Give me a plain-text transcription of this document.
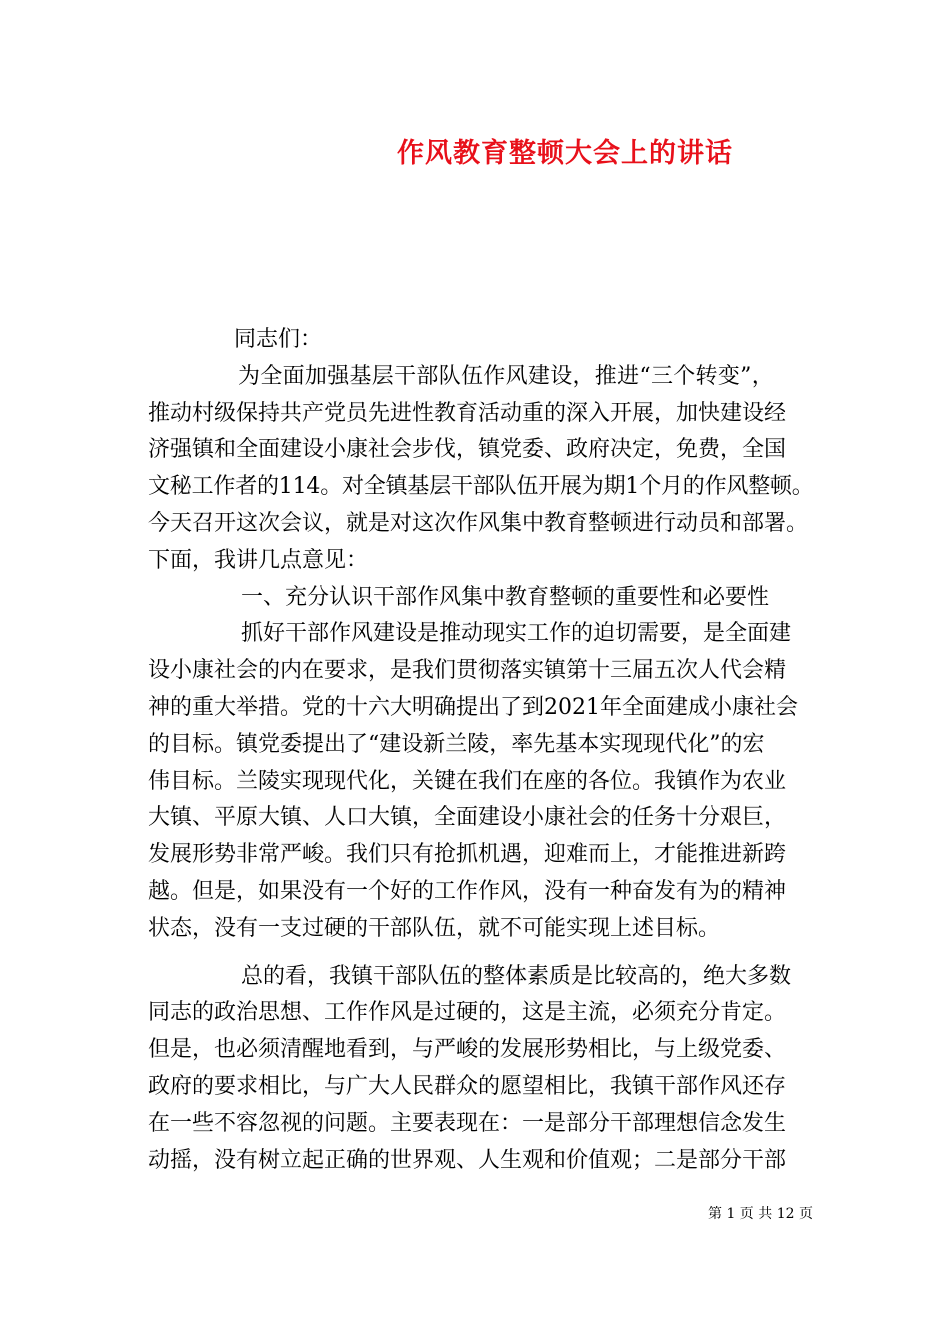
作风教育整顿大会上的讲话
同志们：
为全面加强基层干部队伍作风建设，推进“三个转变”，
推动村级保持共产党员先进性教育活动重的深入开展，加快建设经
济强镇和全面建设小康社会步伐，镇党委、政府决定，免费，全国
文秘工作者的114。对全镇基层干部队伍开展为期1个月的作风整顿。
今天召开这次会议，就是对这次作风集中教育整顿进行动员和部署。
下面，我讲几点意见：
一、充分认识干部作风集中教育整顿的重要性和必要性
抓好干部作风建设是推动现实工作的迫切需要，是全面建
设小康社会的内在要求，是我们贯彻落实镇第十三届五次人代会精
神的重大举措。党的十六大明确提出了到2021年全面建成小康社会
的目标。镇党委提出了“建设新兰陵，率先基本实现现代化”的宏
伟目标。兰陵实现现代化，关键在我们在座的各位。我镇作为农业
大镇、平原大镇、人口大镇，全面建设小康社会的任务十分艰巨，
发展形势非常严峻。我们只有抢抓机遇，迎难而上，才能推进新跨
越。但是，如果没有一个好的工作作风，没有一种奋发有为的精神
状态，没有一支过硬的干部队伍，就不可能实现上述目标。
总的看，我镇干部队伍的整体素质是比较高的，绝大多数
同志的政治思想、工作作风是过硬的，这是主流，必须充分肯定。
但是，也必须清醒地看到，与严峻的发展形势相比，与上级党委、
政府的要求相比，与广大人民群众的愿望相比，我镇干部作风还存
在一些不容忽视的问题。主要表现在：一是部分干部理想信念发生
动摇，没有树立起正确的世界观、人生观和价值观；二是部分干部
第 1 页 共 12 页
